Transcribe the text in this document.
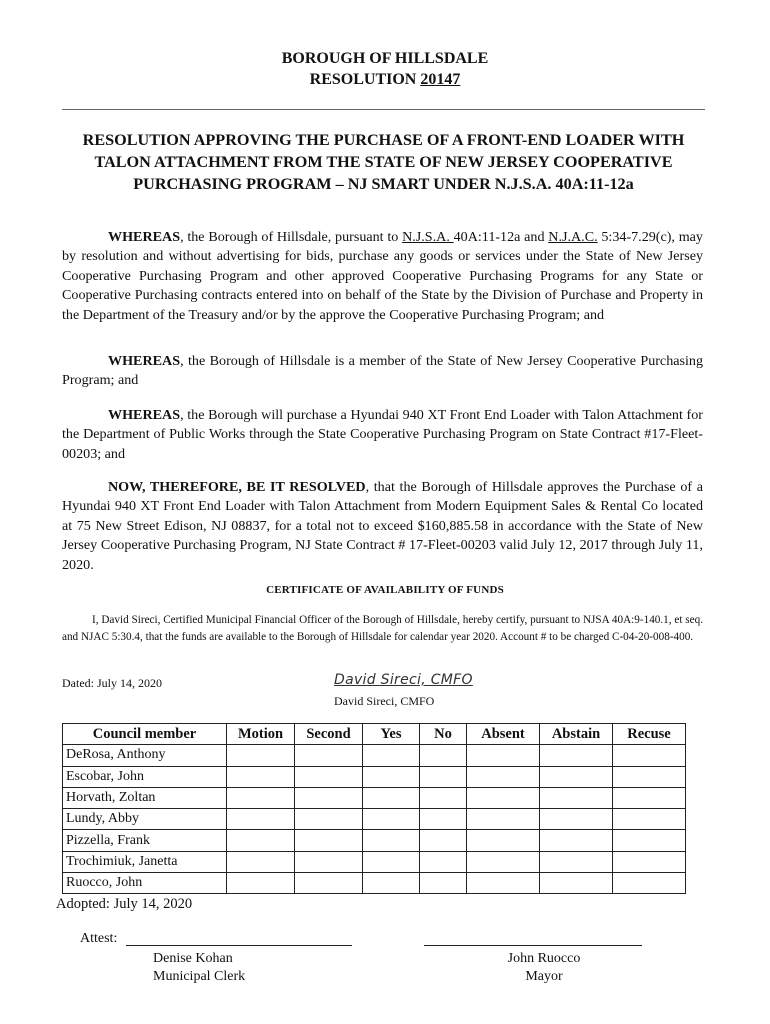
BOROUGH OF HILLSDALE
RESOLUTION 20147
RESOLUTION APPROVING THE PURCHASE OF A FRONT-END LOADER WITH TALON ATTACHMENT FROM THE STATE OF NEW JERSEY COOPERATIVE PURCHASING PROGRAM – NJ SMART UNDER N.J.S.A. 40A:11-12a
WHEREAS, the Borough of Hillsdale, pursuant to N.J.S.A. 40A:11-12a and N.J.A.C. 5:34-7.29(c), may by resolution and without advertising for bids, purchase any goods or services under the State of New Jersey Cooperative Purchasing Program and other approved Cooperative Purchasing Programs for any State or Cooperative Purchasing contracts entered into on behalf of the State by the Division of Purchase and Property in the Department of the Treasury and/or by the approve the Cooperative Purchasing Program; and
WHEREAS, the Borough of Hillsdale is a member of the State of New Jersey Cooperative Purchasing Program; and
WHEREAS, the Borough will purchase a Hyundai 940 XT Front End Loader with Talon Attachment for the Department of Public Works through the State Cooperative Purchasing Program on State Contract #17-Fleet-00203; and
NOW, THEREFORE, BE IT RESOLVED, that the Borough of Hillsdale approves the Purchase of a Hyundai 940 XT Front End Loader with Talon Attachment from Modern Equipment Sales & Rental Co located at 75 New Street Edison, NJ 08837, for a total not to exceed $160,885.58 in accordance with the State of New Jersey Cooperative Purchasing Program, NJ State Contract # 17-Fleet-00203 valid July 12, 2017 through July 11, 2020.
CERTIFICATE OF AVAILABILITY OF FUNDS
I, David Sireci, Certified Municipal Financial Officer of the Borough of Hillsdale, hereby certify, pursuant to NJSA 40A:9-140.1, et seq. and NJAC 5:30.4, that the funds are available to the Borough of Hillsdale for calendar year 2020. Account # to be charged C-04-20-008-400.
Dated: July 14, 2020	David Sireci, CMFO
David Sireci, CMFO
Council member	Motion	Second	Yes	No	Absent	Abstain	Recuse
DeRosa, Anthony							
Escobar, John							
Horvath, Zoltan							
Lundy, Abby							
Pizzella, Frank							
Trochimiuk, Janetta							
Ruocco, John							
Adopted: July 14, 2020
Attest:
Denise Kohan
Municipal Clerk
John Ruocco
Mayor
